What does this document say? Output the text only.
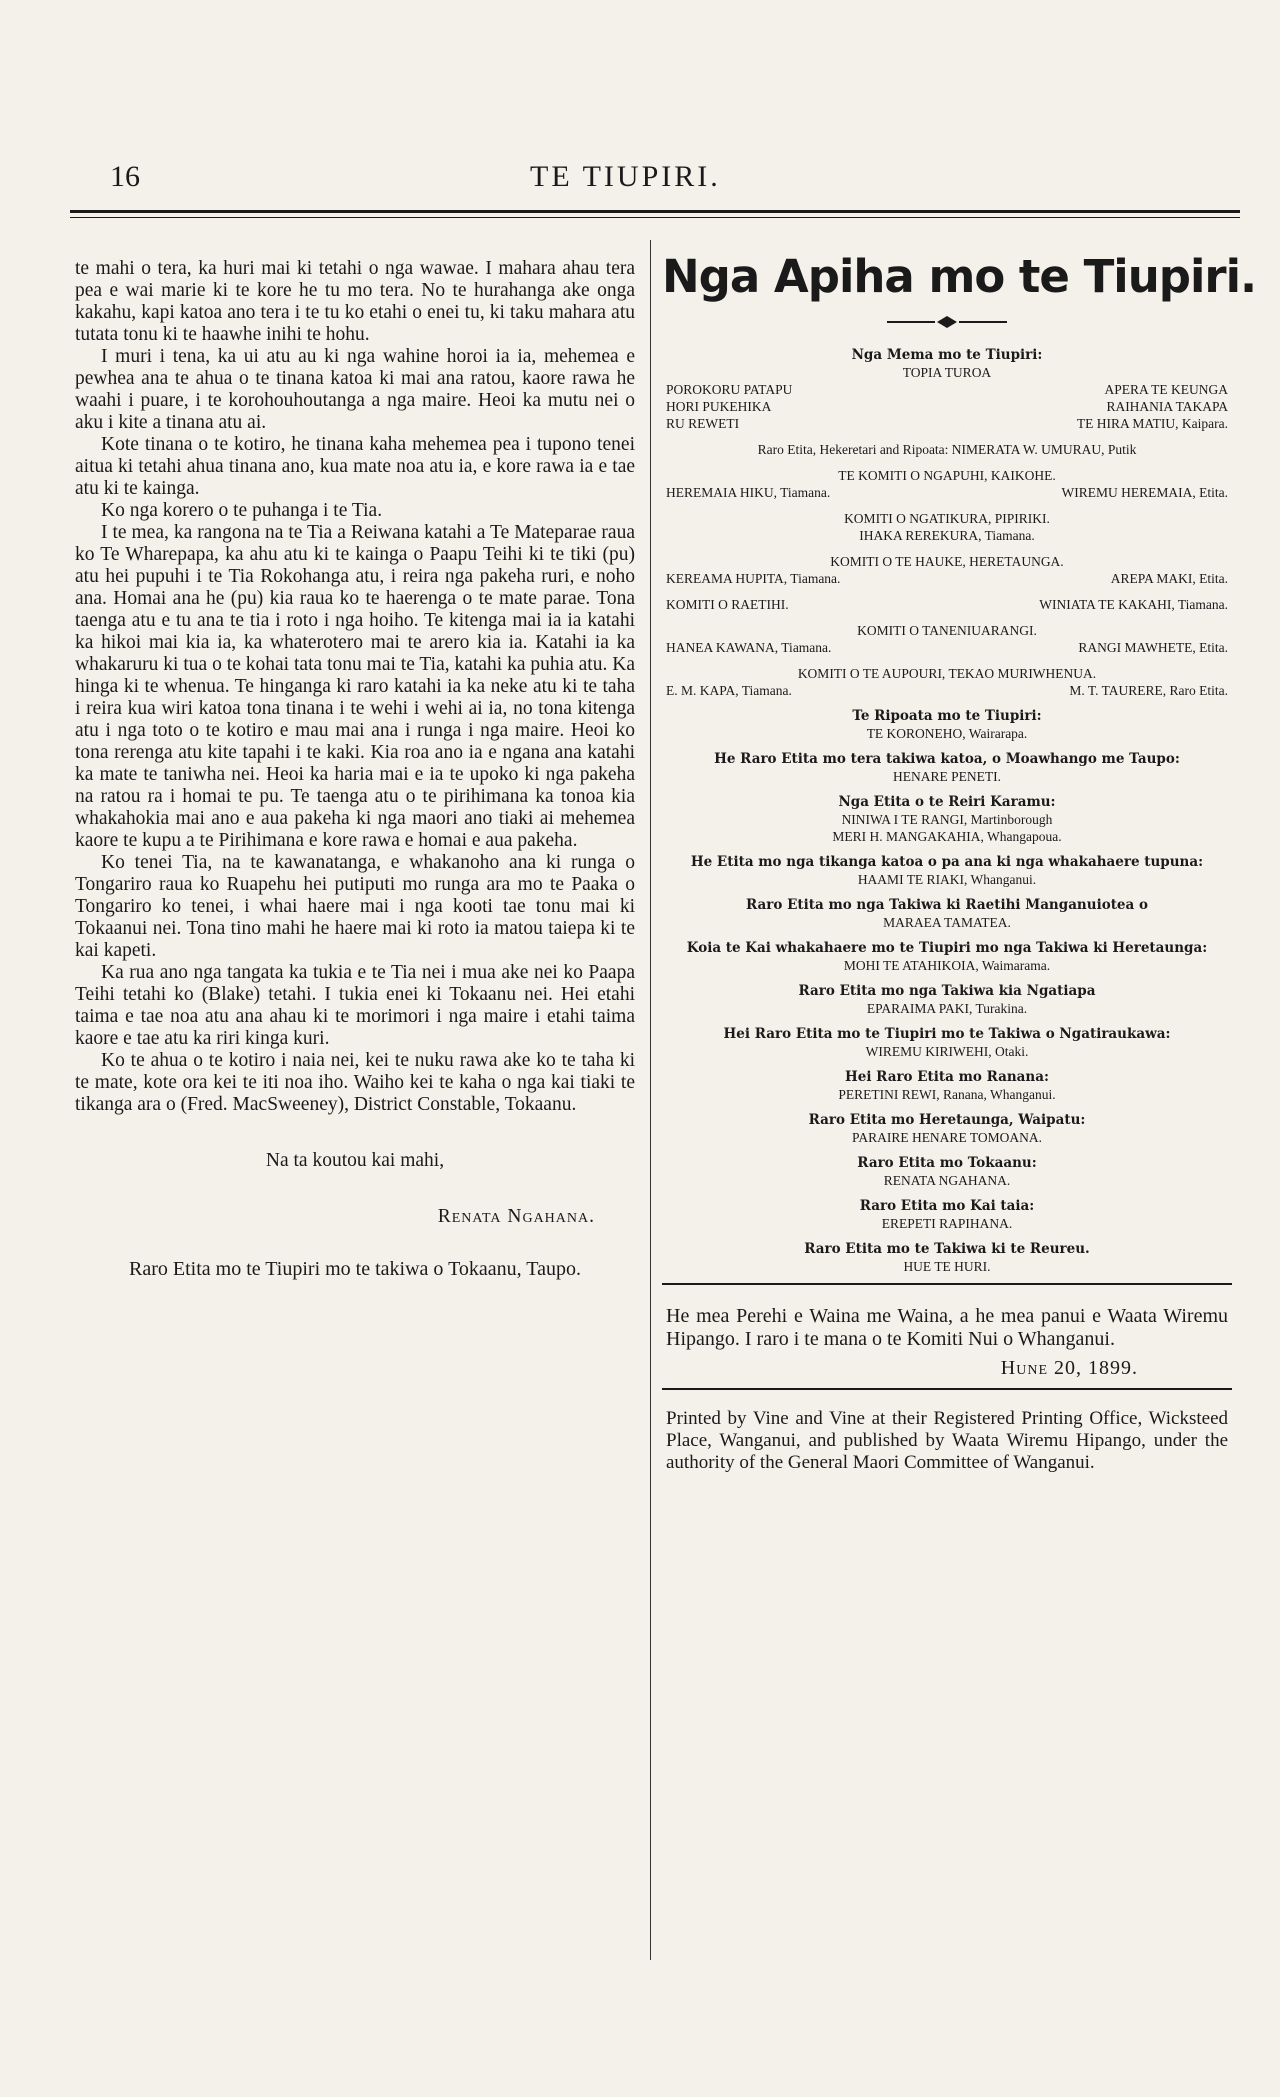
16	TE TIUPIRI.

te mahi o tera, ka huri mai ki tetahi o nga wawae. I mahara ahau tera pea e wai marie ki te kore he tu mo tera. No te hurahanga ake onga kakahu, kapi katoa ano tera i te tu ko etahi o enei tu, ki taku mahara atu tutata tonu ki te haawhe inihi te hohu.

I muri i tena, ka ui atu au ki nga wahine horoi ia ia, mehemea e pewhea ana te ahua o te tinana katoa ki mai ana ratou, kaore rawa he waahi i puare, i te korohouhoutanga a nga maire. Heoi ka mutu nei o aku i kite a tinana atu ai.

Kote tinana o te kotiro, he tinana kaha mehemea pea i tupono tenei aitua ki tetahi ahua tinana ano, kua mate noa atu ia, e kore rawa ia e tae atu ki te kainga.

Ko nga korero o te puhanga i te Tia.

I te mea, ka rangona na te Tia a Reiwana katahi a Te Mateparae raua ko Te Wharepapa, ka ahu atu ki te kainga o Paapu Teihi ki te tiki (pu) atu hei pupuhi i te Tia Rokohanga atu, i reira nga pakeha ruri, e noho ana. Homai ana he (pu) kia raua ko te haerenga o te mate parae. Tona taenga atu e tu ana te tia i roto i nga hoiho. Te kitenga mai ia ia katahi ka hikoi mai kia ia, ka whaterotero mai te arero kia ia. Katahi ia ka whakaruru ki tua o te kohai tata tonu mai te Tia, katahi ka puhia atu. Ka hinga ki te whenua. Te hinganga ki raro katahi ia ka neke atu ki te taha i reira kua wiri katoa tona tinana i te wehi i wehi ai ia, no tona kitenga atu i nga toto o te kotiro e mau mai ana i runga i nga maire. Heoi ko tona rerenga atu kite tapahi i te kaki. Kia roa ano ia e ngana ana katahi ka mate te taniwha nei. Heoi ka haria mai e ia te upoko ki nga pakeha na ratou ra i homai te pu. Te taenga atu o te pirihimana ka tonoa kia whakahokia mai ano e aua pakeha ki nga maori ano tiaki ai mehemea kaore te kupu a te Pirihimana e kore rawa e homai e aua pakeha.

Ko tenei Tia, na te kawanatanga, e whakanoho ana ki runga o Tongariro raua ko Ruapehu hei putiputi mo runga ara mo te Paaka o Tongariro ko tenei, i whai haere mai i nga kooti tae tonu mai ki Tokaanui nei. Tona tino mahi he haere mai ki roto ia matou taiepa ki te kai kapeti.

Ka rua ano nga tangata ka tukia e te Tia nei i mua ake nei ko Paapa Teihi tetahi ko (Blake) tetahi. I tukia enei ki Tokaanu nei. Hei etahi taima e tae noa atu ana ahau ki te morimori i nga maire i etahi taima kaore e tae atu ka riri kinga kuri.

Ko te ahua o te kotiro i naia nei, kei te nuku rawa ake ko te taha ki te mate, kote ora kei te iti noa iho. Waiho kei te kaha o nga kai tiaki te tikanga ara o (Fred. MacSweeney), District Constable, Tokaanu.

Na ta koutou kai mahi,
Renata Ngahana.
Raro Etita mo te Tiupiri mo te takiwa o Tokaanu, Taupo.
Nga Apiha mo te Tiupiri.
Nga Mema mo te Tiupiri:
TOPIA TUROA
POROKORU PATAPU	APERA TE KEUNGA
HORI PUKEHIKA	RAIHANIA TAKAPA
RU REWETI	TE HIRA MATIU, Kaipara.
Raro Etita, Hekeretari and Ripoata: NIMERATA W. UMURAU, Putik
TE KOMITI O NGAPUHI, KAIKOHE.
HEREMAIA HIKU, Tiamana.	WIREMU HEREMAIA, Etita.
KOMITI O NGATIKURA, PIPIRIKI.
IHAKA REREKURA, Tiamana.
KOMITI O TE HAUKE, HERETAUNGA.
KEREAMA HUPITA, Tiamana.	AREPA MAKI, Etita.
KOMITI O RAETIHI.	WINIATA TE KAKAHI, Tiamana.
KOMITI O TANENIUARANGI.
HANEA KAWANA, Tiamana.	RANGI MAWHETE, Etita.
KOMITI O TE AUPOURI, TEKAO MURIWHENUA.
E. M. KAPA, Tiamana.	M. T. TAURERE, Raro Etita.
Te Ripoata mo te Tiupiri:
TE KORONEHO, Wairarapa.
He Raro Etita mo tera takiwa katoa, o Moawhango me Taupo:
HENARE PENETI.
Nga Etita o te Reiri Karamu:
NINIWA I TE RANGI, Martinborough
MERI H. MANGAKAHIA, Whangapoua.
He Etita mo nga tikanga katoa o pa ana ki nga whakahaere tupuna:
HAAMI TE RIAKI, Whanganui.
Raro Etita mo nga Takiwa ki Raetihi Manganuiotea o
MARAEA TAMATEA.
Koia te Kai whakahaere mo te Tiupiri mo nga Takiwa ki Heretaunga:
MOHI TE ATAHIKOIA, Waimarama.
Raro Etita mo nga Takiwa kia Ngatiapa
EPARAIMA PAKI, Turakina.
Hei Raro Etita mo te Tiupiri mo te Takiwa o Ngatiraukawa:
WIREMU KIRIWEHI, Otaki.
Hei Raro Etita mo Ranana:
PERETINI REWI, Ranana, Whanganui.
Raro Etita mo Heretaunga, Waipatu:
PARAIRE HENARE TOMOANA.
Raro Etita mo Tokaanu:
RENATA NGAHANA.
Raro Etita mo Kai taia:
EREPETI RAPIHANA.
Raro Etita mo te Takiwa ki te Reureu.
HUE TE HURI.
He mea Perehi e Waina me Waina, a he mea panui e Waata Wiremu Hipango. I raro i te mana o te Komiti Nui o Whanganui.
Hune 20, 1899.
Printed by Vine and Vine at their Registered Printing Office, Wicksteed Place, Wanganui, and published by Waata Wiremu Hipango, under the authority of the General Maori Committee of Wanganui.
